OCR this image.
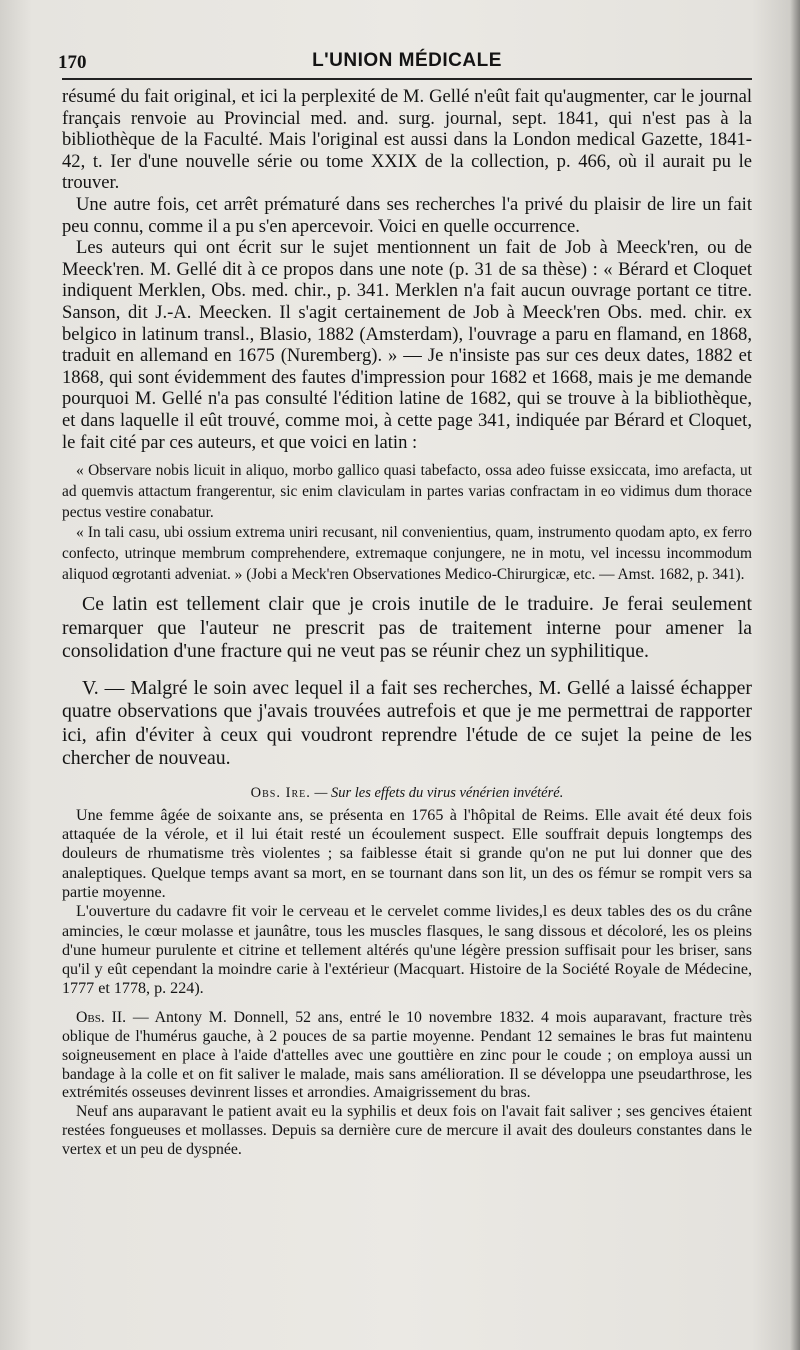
170	L'UNION MÉDICALE

résumé du fait original, et ici la perplexité de M. Gellé n'eût fait qu'augmenter, car le journal français renvoie au Provincial med. and. surg. journal, sept. 1841, qui n'est pas à la bibliothèque de la Faculté. Mais l'original est aussi dans la London medical Gazette, 1841-42, t. Ier d'une nouvelle série ou tome XXIX de la collection, p. 466, où il aurait pu le trouver.

Une autre fois, cet arrêt prématuré dans ses recherches l'a privé du plaisir de lire un fait peu connu, comme il a pu s'en apercevoir. Voici en quelle occurrence.

Les auteurs qui ont écrit sur le sujet mentionnent un fait de Job à Meeck'ren, ou de Meeck'ren. M. Gellé dit à ce propos dans une note (p. 31 de sa thèse) : « Bérard et Cloquet indiquent Merklen, Obs. med. chir., p. 341. Merklen n'a fait aucun ouvrage portant ce titre. Sanson, dit J.-A. Meecken. Il s'agit certainement de Job à Meeck'ren Obs. med. chir. ex belgico in latinum transl., Blasio, 1882 (Amsterdam), l'ouvrage a paru en flamand, en 1868, traduit en allemand en 1675 (Nuremberg). » — Je n'insiste pas sur ces deux dates, 1882 et 1868, qui sont évidemment des fautes d'impression pour 1682 et 1668, mais je me demande pourquoi M. Gellé n'a pas consulté l'édition latine de 1682, qui se trouve à la bibliothèque, et dans laquelle il eût trouvé, comme moi, à cette page 341, indiquée par Bérard et Cloquet, le fait cité par ces auteurs, et que voici en latin :

« Observare nobis licuit in aliquo, morbo gallico quasi tabefacto, ossa adeo fuisse exsiccata, imo arefacta, ut ad quemvis attactum frangerentur, sic enim claviculam in partes varias confractam in eo vidimus dum thorace pectus vestire conabatur.

« In tali casu, ubi ossium extrema uniri recusant, nil convenientius, quam, instrumento quodam apto, ex ferro confecto, utrinque membrum comprehendere, extremaque conjungere, ne in motu, vel incessu incommodum aliquod œgrotanti adveniat. » (Jobi a Meck'ren Observationes Medico-Chirurgicæ, etc. — Amst. 1682, p. 341).

Ce latin est tellement clair que je crois inutile de le traduire. Je ferai seulement remarquer que l'auteur ne prescrit pas de traitement interne pour amener la consolidation d'une fracture qui ne veut pas se réunir chez un syphilitique.

V. — Malgré le soin avec lequel il a fait ses recherches, M. Gellé a laissé échapper quatre observations que j'avais trouvées autrefois et que je me permettrai de rapporter ici, afin d'éviter à ceux qui voudront reprendre l'étude de ce sujet la peine de les chercher de nouveau.

Obs. Ire. — Sur les effets du virus vénérien invétéré.

Une femme âgée de soixante ans, se présenta en 1765 à l'hôpital de Reims. Elle avait été deux fois attaquée de la vérole, et il lui était resté un écoulement suspect. Elle souffrait depuis longtemps des douleurs de rhumatisme très violentes ; sa faiblesse était si grande qu'on ne put lui donner que des analeptiques. Quelque temps avant sa mort, en se tournant dans son lit, un des os fémur se rompit vers sa partie moyenne.

L'ouverture du cadavre fit voir le cerveau et le cervelet comme livides,l es deux tables des os du crâne amincies, le cœur molasse et jaunâtre, tous les muscles flasques, le sang dissous et décoloré, les os pleins d'une humeur purulente et citrine et tellement altérés qu'une légère pression suffisait pour les briser, sans qu'il y eût cependant la moindre carie à l'extérieur (Macquart. Histoire de la Société Royale de Médecine, 1777 et 1778, p. 224).

Obs. II. — Antony M. Donnell, 52 ans, entré le 10 novembre 1832. 4 mois auparavant, fracture très oblique de l'humérus gauche, à 2 pouces de sa partie moyenne. Pendant 12 semaines le bras fut maintenu soigneusement en place à l'aide d'attelles avec une gouttière en zinc pour le coude ; on employa aussi un bandage à la colle et on fit saliver le malade, mais sans amélioration. Il se développa une pseudarthrose, les extrémités osseuses devinrent lisses et arrondies. Amaigrissement du bras.

Neuf ans auparavant le patient avait eu la syphilis et deux fois on l'avait fait saliver ; ses gencives étaient restées fongueuses et mollasses. Depuis sa dernière cure de mercure il avait des douleurs constantes dans le vertex et un peu de dyspnée.
